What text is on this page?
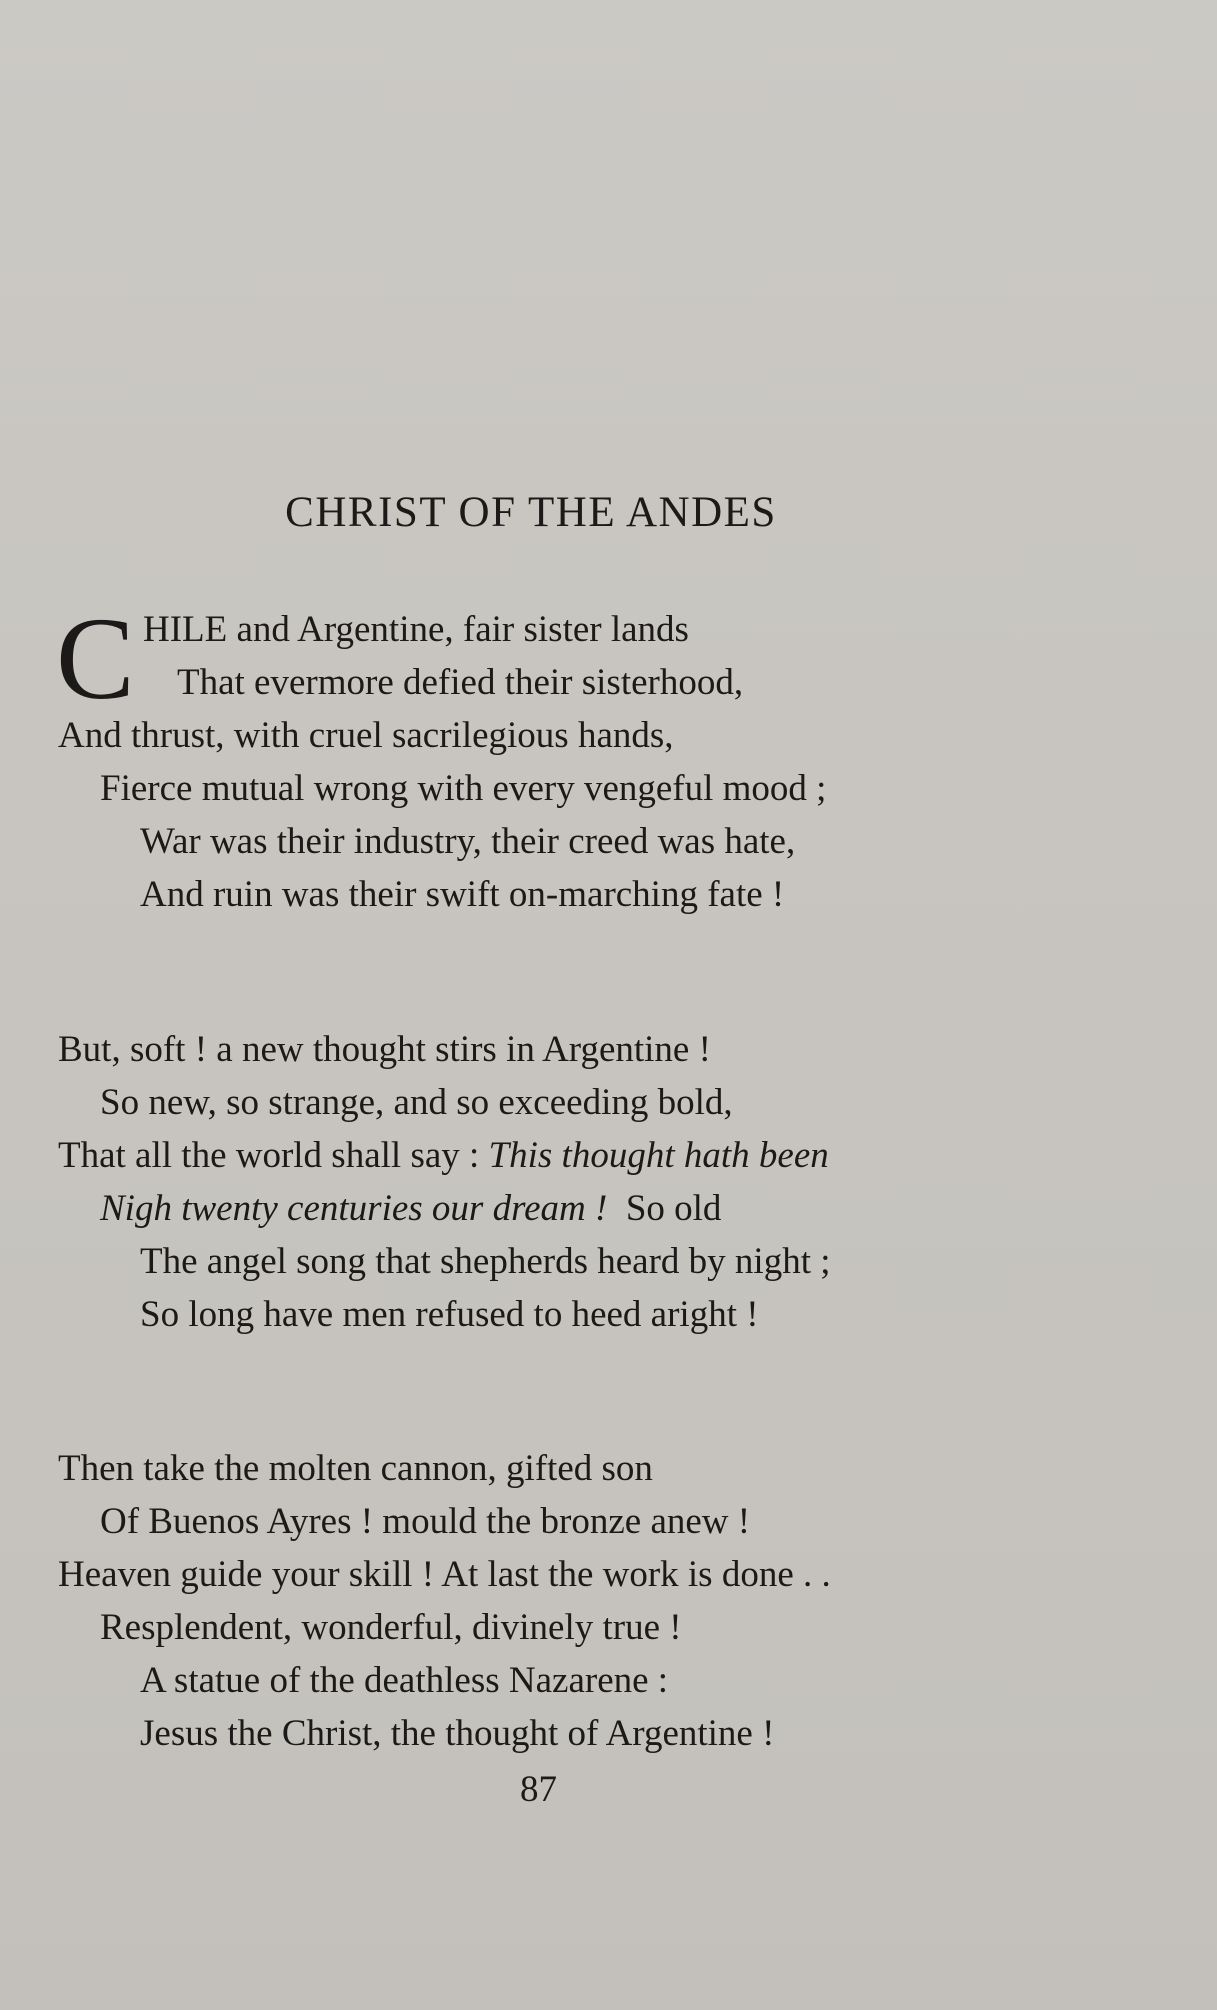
CHRIST OF THE ANDES
C HILE and Argentine, fair sister lands
That evermore defied their sisterhood,
And thrust, with cruel sacrilegious hands,
Fierce mutual wrong with every vengeful mood ;
War was their industry, their creed was hate,
And ruin was their swift on-marching fate !
But, soft ! a new thought stirs in Argentine !
So new, so strange, and so exceeding bold,
That all the world shall say : This thought hath been
Nigh twenty centuries our dream !  So old
The angel song that shepherds heard by night ;
So long have men refused to heed aright !
Then take the molten cannon, gifted son
Of Buenos Ayres ! mould the bronze anew !
Heaven guide your skill ! At last the work is done . .
Resplendent, wonderful, divinely true !
A statue of the deathless Nazarene :
Jesus the Christ, the thought of Argentine !
87
